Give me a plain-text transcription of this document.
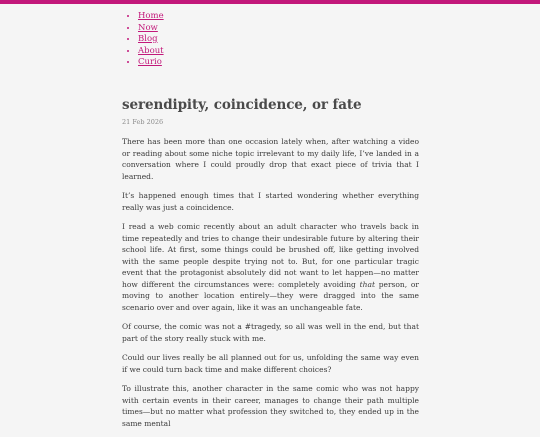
• Home
• Now
• Blog
• About
• Curio
serendipity, coincidence, or fate
21 Feb 2026

There has been more than one occasion lately when, after watching a video or reading about some niche topic irrelevant to my daily life, I’ve landed in a conversation where I could proudly drop that exact piece of trivia that I learned.

It’s happened enough times that I started wondering whether everything really was just a coincidence.

I read a web comic recently about an adult character who travels back in time repeatedly and tries to change their undesirable future by altering their school life. At first, some things could be brushed off, like getting involved with the same people despite trying not to. But, for one particular tragic event that the protagonist absolutely did not want to let happen—no matter how different the circumstances were: completely avoiding that person, or moving to another location entirely—they were dragged into the same scenario over and over again, like it was an unchangeable fate.

Of course, the comic was not a #tragedy, so all was well in the end, but that part of the story really stuck with me.

Could our lives really be all planned out for us, unfolding the same way even if we could turn back time and make different choices?

To illustrate this, another character in the same comic who was not happy with certain events in their career, manages to change their path multiple times—but no matter what profession they switched to, they ended up in the same mental
